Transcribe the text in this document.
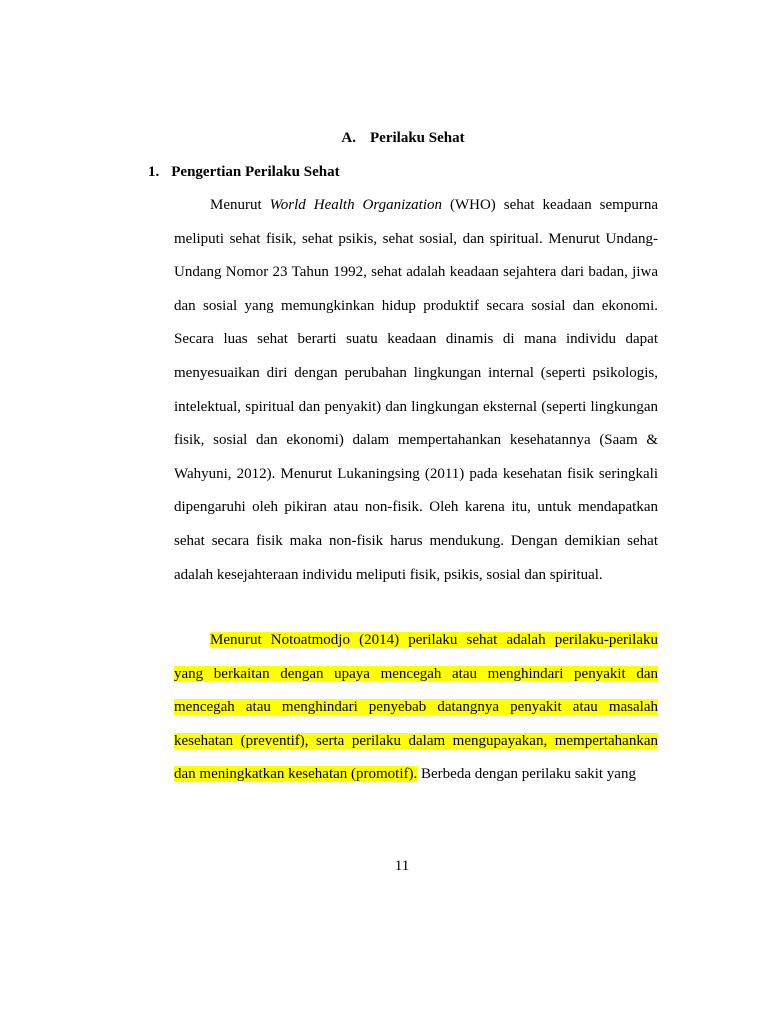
A. Perilaku Sehat
1. Pengertian Perilaku Sehat

Menurut World Health Organization (WHO) sehat keadaan sempurna meliputi sehat fisik, sehat psikis, sehat sosial, dan spiritual. Menurut Undang-Undang Nomor 23 Tahun 1992, sehat adalah keadaan sejahtera dari badan, jiwa dan sosial yang memungkinkan hidup produktif secara sosial dan ekonomi. Secara luas sehat berarti suatu keadaan dinamis di mana individu dapat menyesuaikan diri dengan perubahan lingkungan internal (seperti psikologis, intelektual, spiritual dan penyakit) dan lingkungan eksternal (seperti lingkungan fisik, sosial dan ekonomi) dalam mempertahankan kesehatannya (Saam & Wahyuni, 2012). Menurut Lukaningsing (2011) pada kesehatan fisik seringkali dipengaruhi oleh pikiran atau non-fisik. Oleh karena itu, untuk mendapatkan sehat secara fisik maka non-fisik harus mendukung. Dengan demikian sehat adalah kesejahteraan individu meliputi fisik, psikis, sosial dan spiritual.

Menurut Notoatmodjo (2014) perilaku sehat adalah perilaku-perilaku yang berkaitan dengan upaya mencegah atau menghindari penyakit dan mencegah atau menghindari penyebab datangnya penyakit atau masalah kesehatan (preventif), serta perilaku dalam mengupayakan, mempertahankan dan meningkatkan kesehatan (promotif). Berbeda dengan perilaku sakit yang

11
